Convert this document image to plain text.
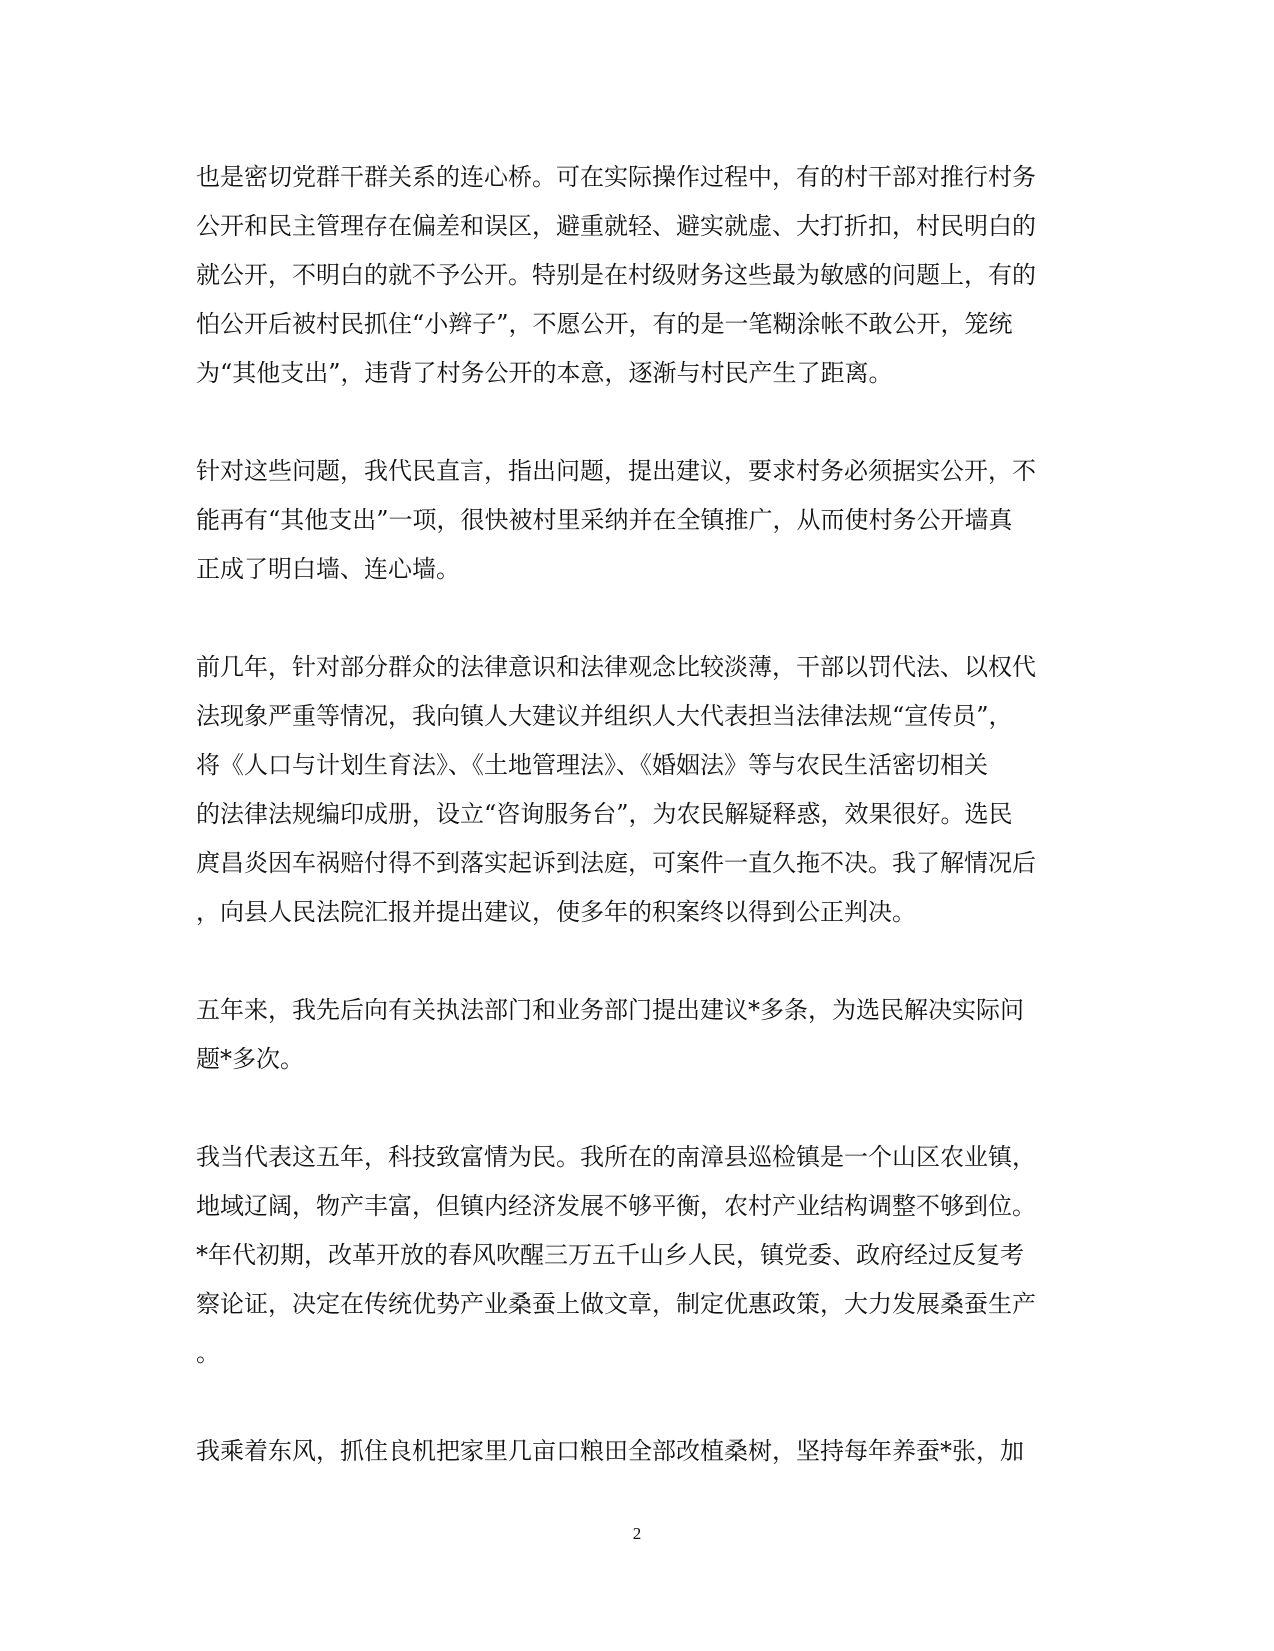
也是密切党群干群关系的连心桥。可在实际操作过程中，有的村干部对推行村务
公开和民主管理存在偏差和误区，避重就轻、避实就虚、大打折扣，村民明白的
就公开，不明白的就不予公开。特别是在村级财务这些最为敏感的问题上，有的
怕公开后被村民抓住“小辫子”，不愿公开，有的是一笔糊涂帐不敢公开，笼统
为“其他支出”，违背了村务公开的本意，逐渐与村民产生了距离。

针对这些问题，我代民直言，指出问题，提出建议，要求村务必须据实公开，不
能再有“其他支出”一项，很快被村里采纳并在全镇推广，从而使村务公开墙真
正成了明白墙、连心墙。

前几年，针对部分群众的法律意识和法律观念比较淡薄，干部以罚代法、以权代
法现象严重等情况，我向镇人大建议并组织人大代表担当法律法规“宣传员”，
将《人口与计划生育法》、《土地管理法》、《婚姻法》等与农民生活密切相关
的法律法规编印成册，设立“咨询服务台”，为农民解疑释惑，效果很好。选民
庹昌炎因车祸赔付得不到落实起诉到法庭，可案件一直久拖不决。我了解情况后
，向县人民法院汇报并提出建议，使多年的积案终以得到公正判决。

五年来，我先后向有关执法部门和业务部门提出建议*多条，为选民解决实际问
题*多次。

我当代表这五年，科技致富情为民。我所在的南漳县巡检镇是一个山区农业镇，
地域辽阔，物产丰富，但镇内经济发展不够平衡，农村产业结构调整不够到位。
*年代初期，改革开放的春风吹醒三万五千山乡人民，镇党委、政府经过反复考
察论证，决定在传统优势产业桑蚕上做文章，制定优惠政策，大力发展桑蚕生产
。

我乘着东风，抓住良机把家里几亩口粮田全部改植桑树，坚持每年养蚕*张，加

2
